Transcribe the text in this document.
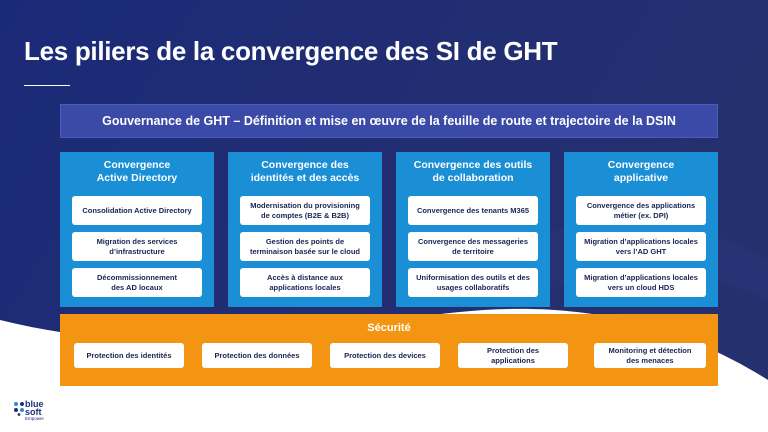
Les piliers de la convergence des SI de GHT
Gouvernance de GHT – Définition et mise en œuvre de la feuille de route et trajectoire de la DSIN
Convergence
Active Directory
Consolidation Active Directory
Migration des services
d’infrastructure
Décommissionnement
des AD locaux
Convergence des
identités et des accès
Modernisation du provisioning
de comptes (B2E & B2B)
Gestion des points de
terminaison basée sur le cloud
Accès à distance aux
applications locales
Convergence des outils
de collaboration
Convergence des tenants M365
Convergence des messageries
de territoire
Uniformisation des outils et des
usages collaboratifs
Convergence
applicative
Convergence des applications
métier (ex. DPI)
Migration d’applications locales
vers l’AD GHT
Migration d’applications locales
vers un cloud HDS
Sécurité
Protection des identités	Protection des données	Protection des devices
Protection des
applications
Monitoring et détection
des menaces
blue
soft
Empower
